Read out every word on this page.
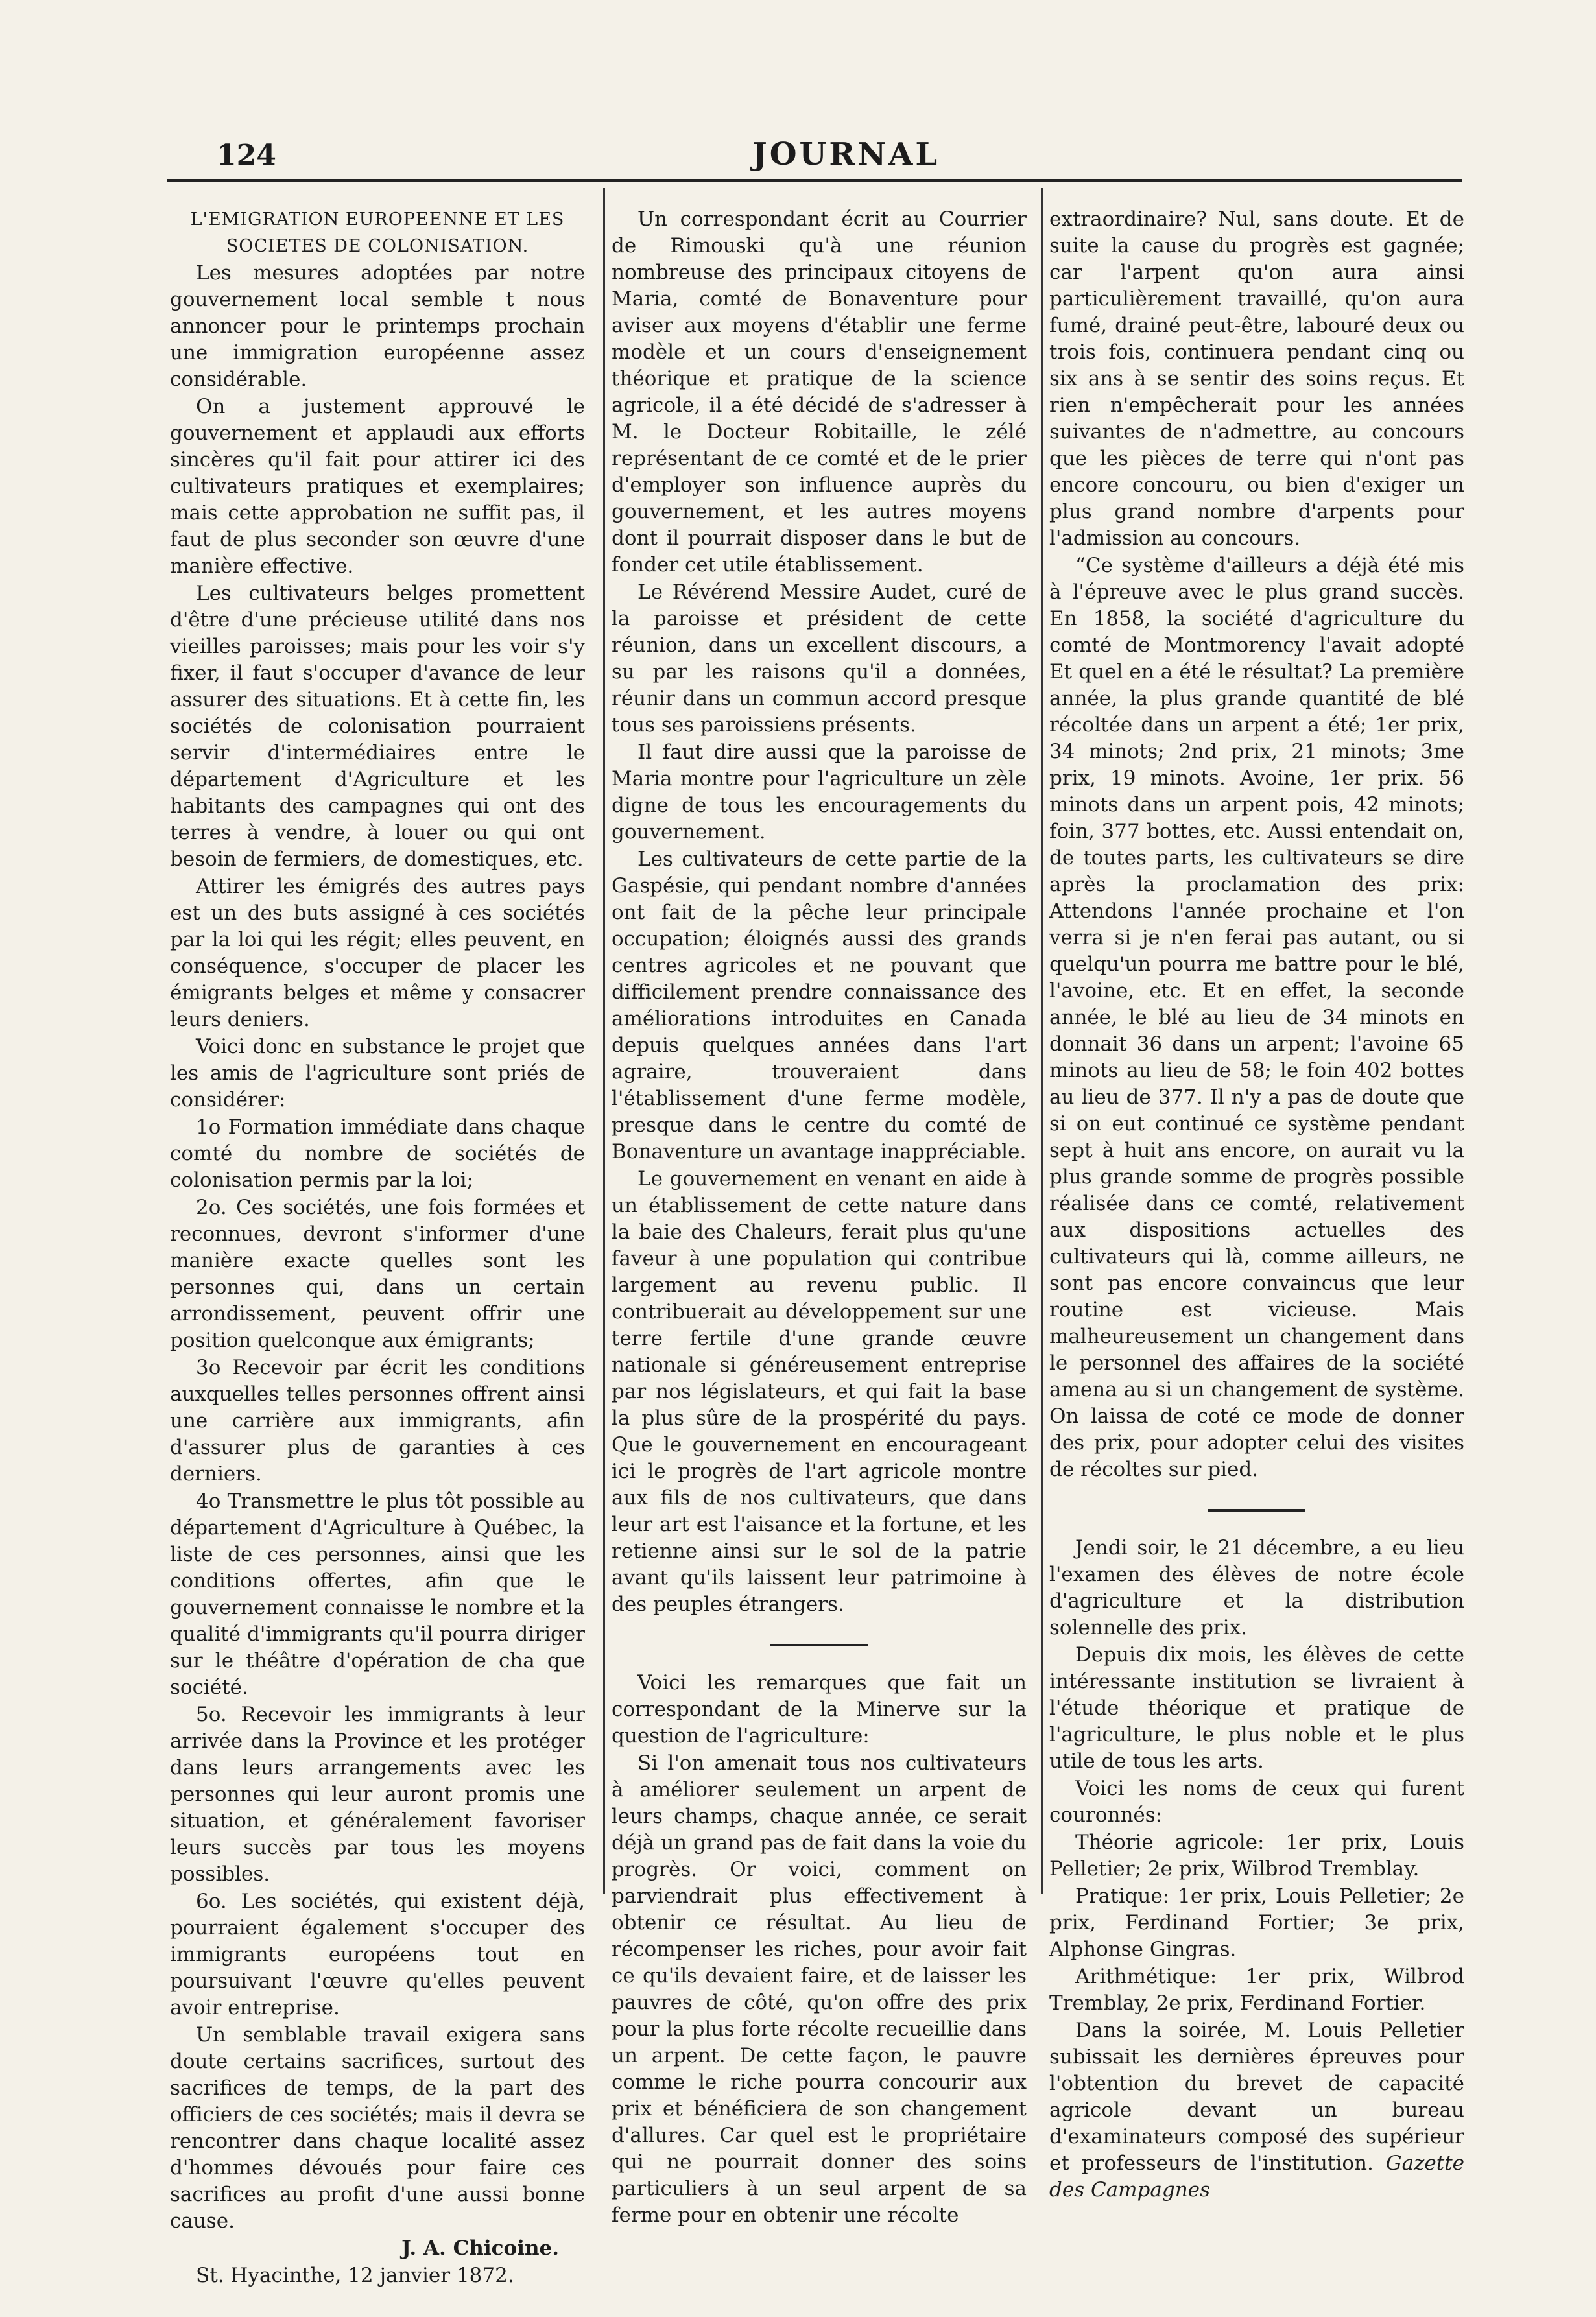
124	JOURNAL

L'EMIGRATION EUROPEENNE ET LES SOCIETES DE COLONISATION.

Les mesures adoptées par notre gouvernement local semble t nous annoncer pour le printemps prochain une immigration européenne assez considérable.

On a justement approuvé le gouvernement et applaudi aux efforts sincères qu'il fait pour attirer ici des cultivateurs pratiques et exemplaires; mais cette approbation ne suffit pas, il faut de plus seconder son œuvre d'une manière effective.

Les cultivateurs belges promettent d'être d'une précieuse utilité dans nos vieilles paroisses; mais pour les voir s'y fixer, il faut s'occuper d'avance de leur assurer des situations. Et à cette fin, les sociétés de colonisation pourraient servir d'intermédiaires entre le département d'Agriculture et les habitants des campagnes qui ont des terres à vendre, à louer ou qui ont besoin de fermiers, de domestiques, etc.

Attirer les émigrés des autres pays est un des buts assigné à ces sociétés par la loi qui les régit; elles peuvent, en conséquence, s'occuper de placer les émigrants belges et même y consacrer leurs deniers.

Voici donc en substance le projet que les amis de l'agriculture sont priés de considérer:

1o Formation immédiate dans chaque comté du nombre de sociétés de colonisation permis par la loi;

2o. Ces sociétés, une fois formées et reconnues, devront s'informer d'une manière exacte quelles sont les personnes qui, dans un certain arrondissement, peuvent offrir une position quelconque aux émigrants;

3o Recevoir par écrit les conditions auxquelles telles personnes offrent ainsi une carrière aux immigrants, afin d'assurer plus de garanties à ces derniers.

4o Transmettre le plus tôt possible au département d'Agriculture à Québec, la liste de ces personnes, ainsi que les conditions offertes, afin que le gouvernement connaisse le nombre et la qualité d'immigrants qu'il pourra diriger sur le théâtre d'opération de cha que société.

5o. Recevoir les immigrants à leur arrivée dans la Province et les protéger dans leurs arrangements avec les personnes qui leur auront promis une situation, et généralement favoriser leurs succès par tous les moyens possibles.

6o. Les sociétés, qui existent déjà, pourraient également s'occuper des immigrants européens tout en poursuivant l'œuvre qu'elles peuvent avoir entreprise.

Un semblable travail exigera sans doute certains sacrifices, surtout des sacrifices de temps, de la part des officiers de ces sociétés; mais il devra se rencontrer dans chaque localité assez d'hommes dévoués pour faire ces sacrifices au profit d'une aussi bonne cause.

J. A. Chicoine.

St. Hyacinthe, 12 janvier 1872.

Un correspondant écrit au Courrier de Rimouski qu'à une réunion nombreuse des principaux citoyens de Maria, comté de Bonaventure pour aviser aux moyens d'établir une ferme modèle et un cours d'enseignement théorique et pratique de la science agricole, il a été décidé de s'adresser à M. le Docteur Robitaille, le zélé représentant de ce comté et de le prier d'employer son influence auprès du gouvernement, et les autres moyens dont il pourrait disposer dans le but de fonder cet utile établissement.

Le Révérend Messire Audet, curé de la paroisse et président de cette réunion, dans un excellent discours, a su par les raisons qu'il a données, réunir dans un commun accord presque tous ses paroissiens présents.

Il faut dire aussi que la paroisse de Maria montre pour l'agriculture un zèle digne de tous les encouragements du gouvernement.

Les cultivateurs de cette partie de la Gaspésie, qui pendant nombre d'années ont fait de la pêche leur principale occupation; éloignés aussi des grands centres agricoles et ne pouvant que difficilement prendre connaissance des améliorations introduites en Canada depuis quelques années dans l'art agraire, trouveraient dans l'établissement d'une ferme modèle, presque dans le centre du comté de Bonaventure un avantage inappréciable.

Le gouvernement en venant en aide à un établissement de cette nature dans la baie des Chaleurs, ferait plus qu'une faveur à une population qui contribue largement au revenu public. Il contribuerait au développement sur une terre fertile d'une grande œuvre nationale si généreusement entreprise par nos législateurs, et qui fait la base la plus sûre de la prospérité du pays. Que le gouvernement en encourageant ici le progrès de l'art agricole montre aux fils de nos cultivateurs, que dans leur art est l'aisance et la fortune, et les retienne ainsi sur le sol de la patrie avant qu'ils laissent leur patrimoine à des peuples étrangers.

Voici les remarques que fait un correspondant de la Minerve sur la question de l'agriculture:

Si l'on amenait tous nos cultivateurs à améliorer seulement un arpent de leurs champs, chaque année, ce serait déjà un grand pas de fait dans la voie du progrès. Or voici, comment on parviendrait plus effectivement à obtenir ce résultat. Au lieu de récompenser les riches, pour avoir fait ce qu'ils devaient faire, et de laisser les pauvres de côté, qu'on offre des prix pour la plus forte récolte recueillie dans un arpent. De cette façon, le pauvre comme le riche pourra concourir aux prix et bénéficiera de son changement d'allures. Car quel est le propriétaire qui ne pourrait donner des soins particuliers à un seul arpent de sa ferme pour en obtenir une récolte

extraordinaire? Nul, sans doute. Et de suite la cause du progrès est gagnée; car l'arpent qu'on aura ainsi particulièrement travaillé, qu'on aura fumé, drainé peut-être, labouré deux ou trois fois, continuera pendant cinq ou six ans à se sentir des soins reçus. Et rien n'empêcherait pour les années suivantes de n'admettre, au concours que les pièces de terre qui n'ont pas encore concouru, ou bien d'exiger un plus grand nombre d'arpents pour l'admission au concours.

“Ce système d'ailleurs a déjà été mis à l'épreuve avec le plus grand succès. En 1858, la société d'agriculture du comté de Montmorency l'avait adopté Et quel en a été le résultat? La première année, la plus grande quantité de blé récoltée dans un arpent a été; 1er prix, 34 minots; 2nd prix, 21 minots; 3me prix, 19 minots. Avoine, 1er prix. 56 minots dans un arpent pois, 42 minots; foin, 377 bottes, etc. Aussi entendait on, de toutes parts, les cultivateurs se dire après la proclamation des prix: Attendons l'année prochaine et l'on verra si je n'en ferai pas autant, ou si quelqu'un pourra me battre pour le blé, l'avoine, etc. Et en effet, la seconde année, le blé au lieu de 34 minots en donnait 36 dans un arpent; l'avoine 65 minots au lieu de 58; le foin 402 bottes au lieu de 377. Il n'y a pas de doute que si on eut continué ce système pendant sept à huit ans encore, on aurait vu la plus grande somme de progrès possible réalisée dans ce comté, relativement aux dispositions actuelles des cultivateurs qui là, comme ailleurs, ne sont pas encore convaincus que leur routine est vicieuse. Mais malheureusement un changement dans le personnel des affaires de la société amena au si un changement de système. On laissa de coté ce mode de donner des prix, pour adopter celui des visites de récoltes sur pied.

Jendi soir, le 21 décembre, a eu lieu l'examen des élèves de notre école d'agriculture et la distribution solennelle des prix.

Depuis dix mois, les élèves de cette intéressante institution se livraient à l'étude théorique et pratique de l'agriculture, le plus noble et le plus utile de tous les arts.

Voici les noms de ceux qui furent couronnés:

Théorie agricole: 1er prix, Louis Pelletier; 2e prix, Wilbrod Tremblay.

Pratique: 1er prix, Louis Pelletier; 2e prix, Ferdinand Fortier; 3e prix, Alphonse Gingras.

Arithmétique: 1er prix, Wilbrod Tremblay, 2e prix, Ferdinand Fortier.

Dans la soirée, M. Louis Pelletier subissait les dernières épreuves pour l'obtention du brevet de capacité agricole devant un bureau d'examinateurs composé des supérieur et professeurs de l'institution. Gazette des Campagnes
